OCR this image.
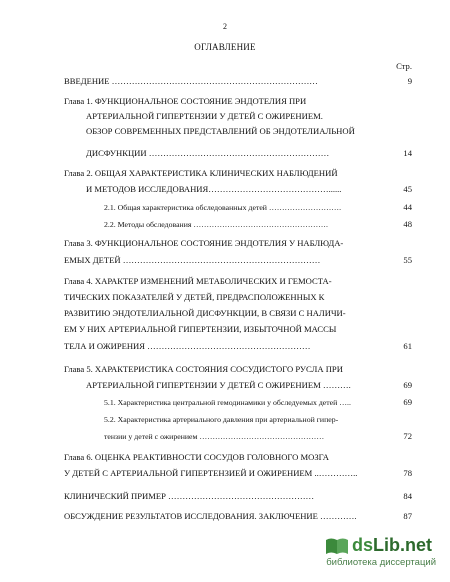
2
ОГЛАВЛЕНИЕ
Стр.
ВВЕДЕНИЕ ………………………………………………………………	9
Глава 1. ФУНКЦИОНАЛЬНОЕ СОСТОЯНИЕ ЭНДОТЕЛИЯ ПРИ
АРТЕРИАЛЬНОЙ ГИПЕРТЕНЗИИ У ДЕТЕЙ С ОЖИРЕНИЕМ.
ОБЗОР СОВРЕМЕННЫХ ПРЕДСТАВЛЕНИЙ ОБ ЭНДОТЕЛИАЛЬНОЙ
ДИСФУНКЦИИ ………………………………………………………	14
Глава 2. ОБЩАЯ ХАРАКТЕРИСТИКА КЛИНИЧЕСКИХ НАБЛЮДЕНИЙ
И МЕТОДОВ ИССЛЕДОВАНИЯ……………………………………......	45
2.1. Общая характеристика обследованных детей ……………………….	44
2.2. Методы обследования …………………………………………….	48
Глава 3. ФУНКЦИОНАЛЬНОЕ СОСТОЯНИЕ ЭНДОТЕЛИЯ У НАБЛЮДА-
ЕМЫХ ДЕТЕЙ ……………………………………………………………	55
Глава 4. ХАРАКТЕР ИЗМЕНЕНИЙ МЕТАБОЛИЧЕСКИХ И ГЕМОСТА-
ТИЧЕСКИХ ПОКАЗАТЕЛЕЙ У ДЕТЕЙ, ПРЕДРАСПОЛОЖЕННЫХ К
РАЗВИТИЮ ЭНДОТЕЛИАЛЬНОЙ ДИСФУНКЦИИ, В СВЯЗИ С НАЛИЧИ-
ЕМ У НИХ АРТЕРИАЛЬНОЙ ГИПЕРТЕНЗИИ, ИЗБЫТОЧНОЙ МАССЫ
ТЕЛА И ОЖИРЕНИЯ …………………………………………………	61
Глава 5. ХАРАКТЕРИСТИКА СОСТОЯНИЯ СОСУДИСТОГО РУСЛА ПРИ
АРТЕРИАЛЬНОЙ ГИПЕРТЕНЗИИ У ДЕТЕЙ С ОЖИРЕНИЕМ ……….	69
5.1. Характеристика центральной гемодинамики у обследуемых детей …..	69
5.2. Характеристика артериального давления при артериальной гипер-
тензии у детей с ожирением …………………………………………	72
Глава 6. ОЦЕНКА РЕАКТИВНОСТИ СОСУДОВ ГОЛОВНОГО МОЗГА
У ДЕТЕЙ С АРТЕРИАЛЬНОЙ ГИПЕРТЕНЗИЕЙ И ОЖИРЕНИЕМ ..…………..	78
КЛИНИЧЕСКИЙ ПРИМЕР ……………………………………………	84
ОБСУЖДЕНИЕ РЕЗУЛЬТАТОВ ИССЛЕДОВАНИЯ. ЗАКЛЮЧЕНИЕ ………….	87
dsLib.net
библиотека диссертаций
